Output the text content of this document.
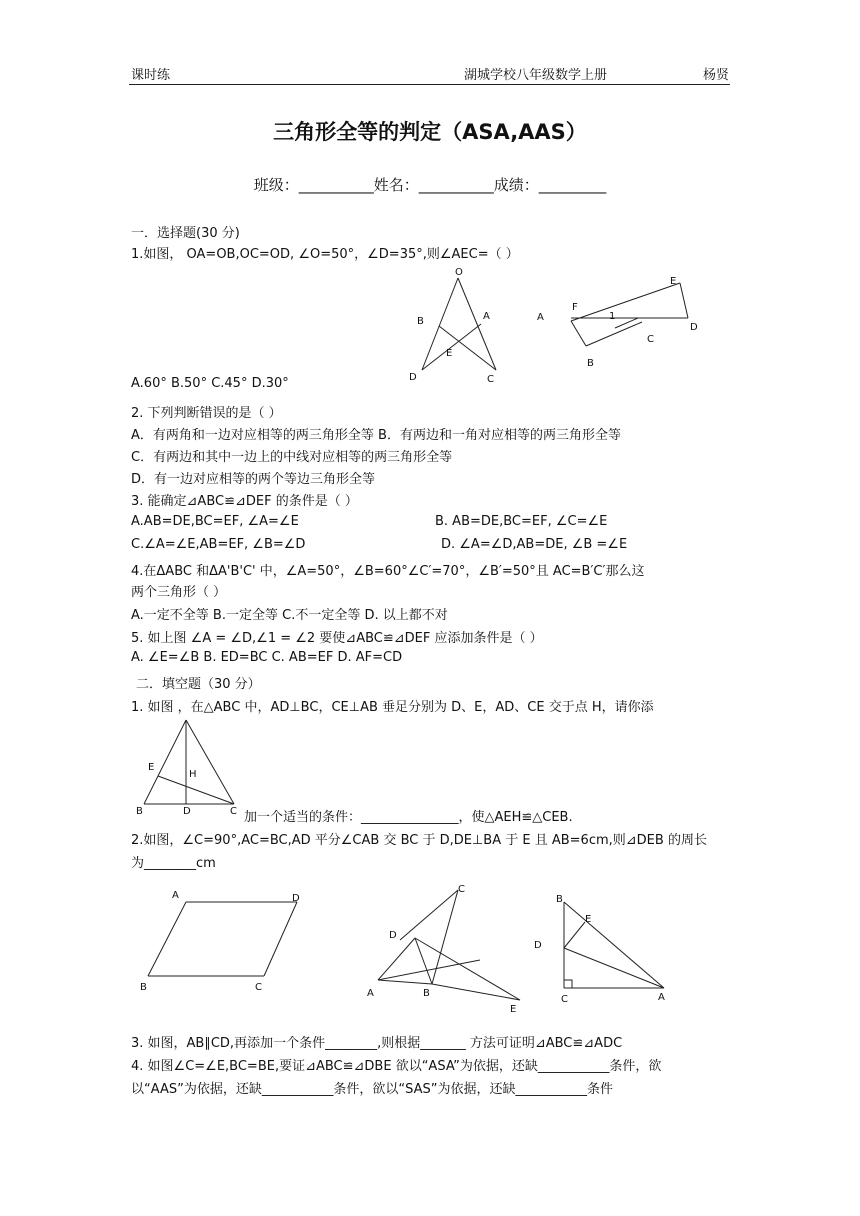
课时练	湖城学校八年级数学上册	杨贤
三角形全等的判定（ASA,AAS）
班级：__________姓名：__________成绩：_________
一．选择题(30 分)
1.如图， OA=OB,OC=OD, ∠O=50°，∠D=35°,则∠AEC=（ ）
O
B	A
E
D	C
E
F
1
A
D
C
B
A.60° B.50° C.45° D.30°
2. 下列判断错误的是（ ）
A．有两角和一边对应相等的两三角形全等 B．有两边和一角对应相等的两三角形全等
C．有两边和其中一边上的中线对应相等的两三角形全等
D．有一边对应相等的两个等边三角形全等
3. 能确定⊿ABC≌⊿DEF 的条件是（ ）
A.AB=DE,BC=EF, ∠A=∠E	B. AB=DE,BC=EF, ∠C=∠E
C.∠A=∠E,AB=EF, ∠B=∠D	D. ∠A=∠D,AB=DE, ∠B =∠E
4.在ΔABC 和ΔA'B'C' 中，∠A=50°，∠B=60°∠C′=70°，∠B′=50°且 AC=B′C′那么这
两个三角形（ ）
A.一定不全等 B.一定全等 C.不一定全等 D. 以上都不对
5. 如上图 ∠A = ∠D,∠1 = ∠2 要使⊿ABC≌⊿DEF 应添加条件是（ ）
A. ∠E=∠B B. ED=BC C. AB=EF D. AF=CD
二．填空题（30 分）
1. 如图 ，在△ABC 中，AD⊥BC，CE⊥AB 垂足分别为 D、E，AD、CE 交于点 H，请你添
E
H
B	D	C 加一个适当的条件：_______________，使△AEH≌△CEB.
2.如图，∠C=90°,AC=BC,AD 平分∠CAB 交 BC 于 D,DE⊥BA 于 E 且 AB=6cm,则⊿DEB 的周长
为________cm
A	D
B	C
C
D
A	B
E
B
E
D
C	A
3. 如图，AB∥CD,再添加一个条件________,则根据_______ 方法可证明⊿ABC≌⊿ADC
4. 如图∠C=∠E,BC=BE,要证⊿ABC≌⊿DBE 欲以“ASA”为依据，还缺___________条件，欲
以“AAS”为依据，还缺___________条件，欲以“SAS”为依据，还缺___________条件
